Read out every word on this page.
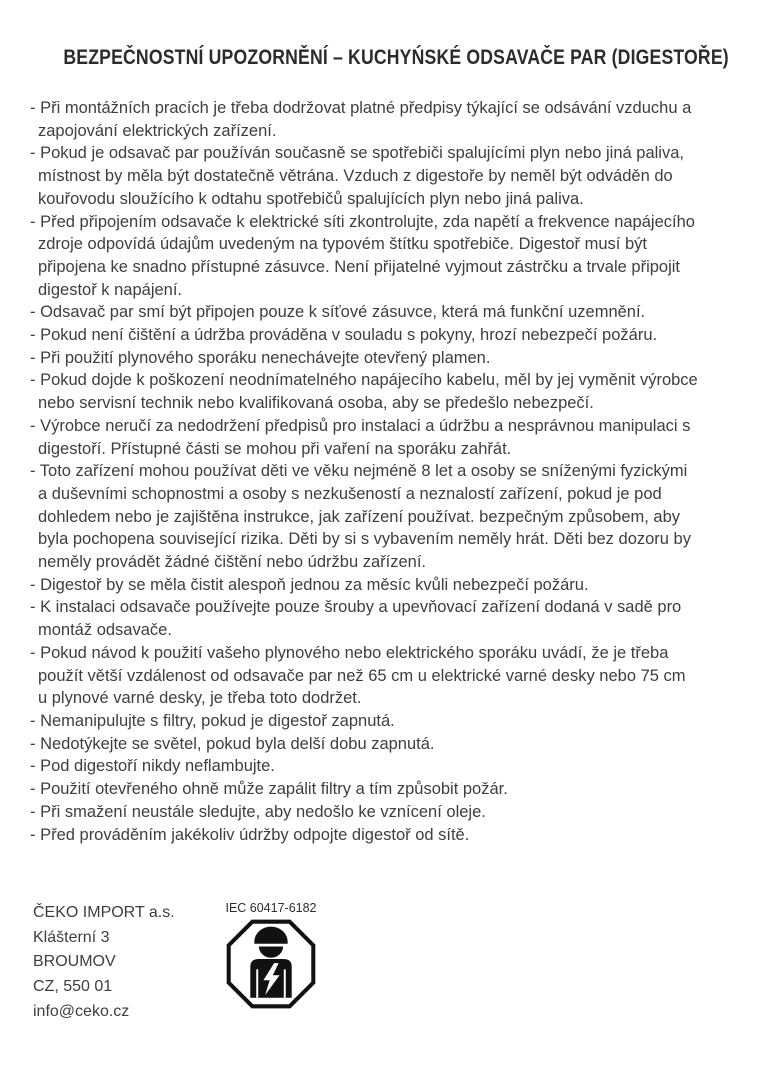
BEZPEČNOSTNÍ UPOZORNĚNÍ – KUCHYŃSKÉ ODSAVAČE PAR (DIGESTOŘE)
- Při montážních pracích je třeba dodržovat platné předpisy týkající se odsávání vzduchu a zapojování elektrických zařízení.
- Pokud je odsavač par používán současně se spotřebiči spalujícími plyn nebo jiná paliva, místnost by měla být dostatečně větrána. Vzduch z digestoře by neměl být odváděn do kouřovodu sloužícího k odtahu spotřebičů spalujících plyn nebo jiná paliva.
- Před připojením odsavače k elektrické síti zkontrolujte, zda napětí a frekvence napájecího zdroje odpovídá údajům uvedeným na typovém štítku spotřebiče. Digestoř musí být připojena ke snadno přístupné zásuvce. Není přijatelné vyjmout zástrčku a trvale připojit digestoř k napájení.
- Odsavač par smí být připojen pouze k síťové zásuvce, která má funkční uzemnění.
- Pokud není čištění a údržba prováděna v souladu s pokyny, hrozí nebezpečí požáru.
- Při použití plynového sporáku nenechávejte otevřený plamen.
- Pokud dojde k poškození neodnímatelného napájecího kabelu, měl by jej vyměnit výrobce nebo servisní technik nebo kvalifikovaná osoba, aby se předešlo nebezpečí.
- Výrobce neručí za nedodržení předpisů pro instalaci a údržbu a nesprávnou manipulaci s digestoří. Přístupné části se mohou při vaření na sporáku zahřát.
- Toto zařízení mohou používat děti ve věku nejméně 8 let a osoby se sníženými fyzickými a duševními schopnostmi a osoby s nezkušeností a neznalostí zařízení, pokud je pod dohledem nebo je zajištěna instrukce, jak zařízení používat. bezpečným způsobem, aby byla pochopena související rizika. Děti by si s vybavením neměly hrát. Děti bez dozoru by neměly provádět žádné čištění nebo údržbu zařízení.
- Digestoř by se měla čistit alespoň jednou za měsíc kvůli nebezpečí požáru.
- K instalaci odsavače používejte pouze šrouby a upevňovací zařízení dodaná v sadě pro montáž odsavače.
- Pokud návod k použití vašeho plynového nebo elektrického sporáku uvádí, že je třeba použít větší vzdálenost od odsavače par než 65 cm u elektrické varné desky nebo 75 cm u plynové varné desky, je třeba toto dodržet.
- Nemanipulujte s filtry, pokud je digestoř zapnutá.
- Nedotýkejte se světel, pokud byla delší dobu zapnutá.
- Pod digestoří nikdy neflambujte.
- Použití otevřeného ohně může zapálit filtry a tím způsobit požár.
- Při smažení neustále sledujte, aby nedošlo ke vznícení oleje.
- Před prováděním jakékoliv údržby odpojte digestoř od sítě.
ČEKO IMPORT a.s.
Klášterní 3
BROUMOV
CZ, 550 01
info@ceko.cz
IEC 60417-6182
